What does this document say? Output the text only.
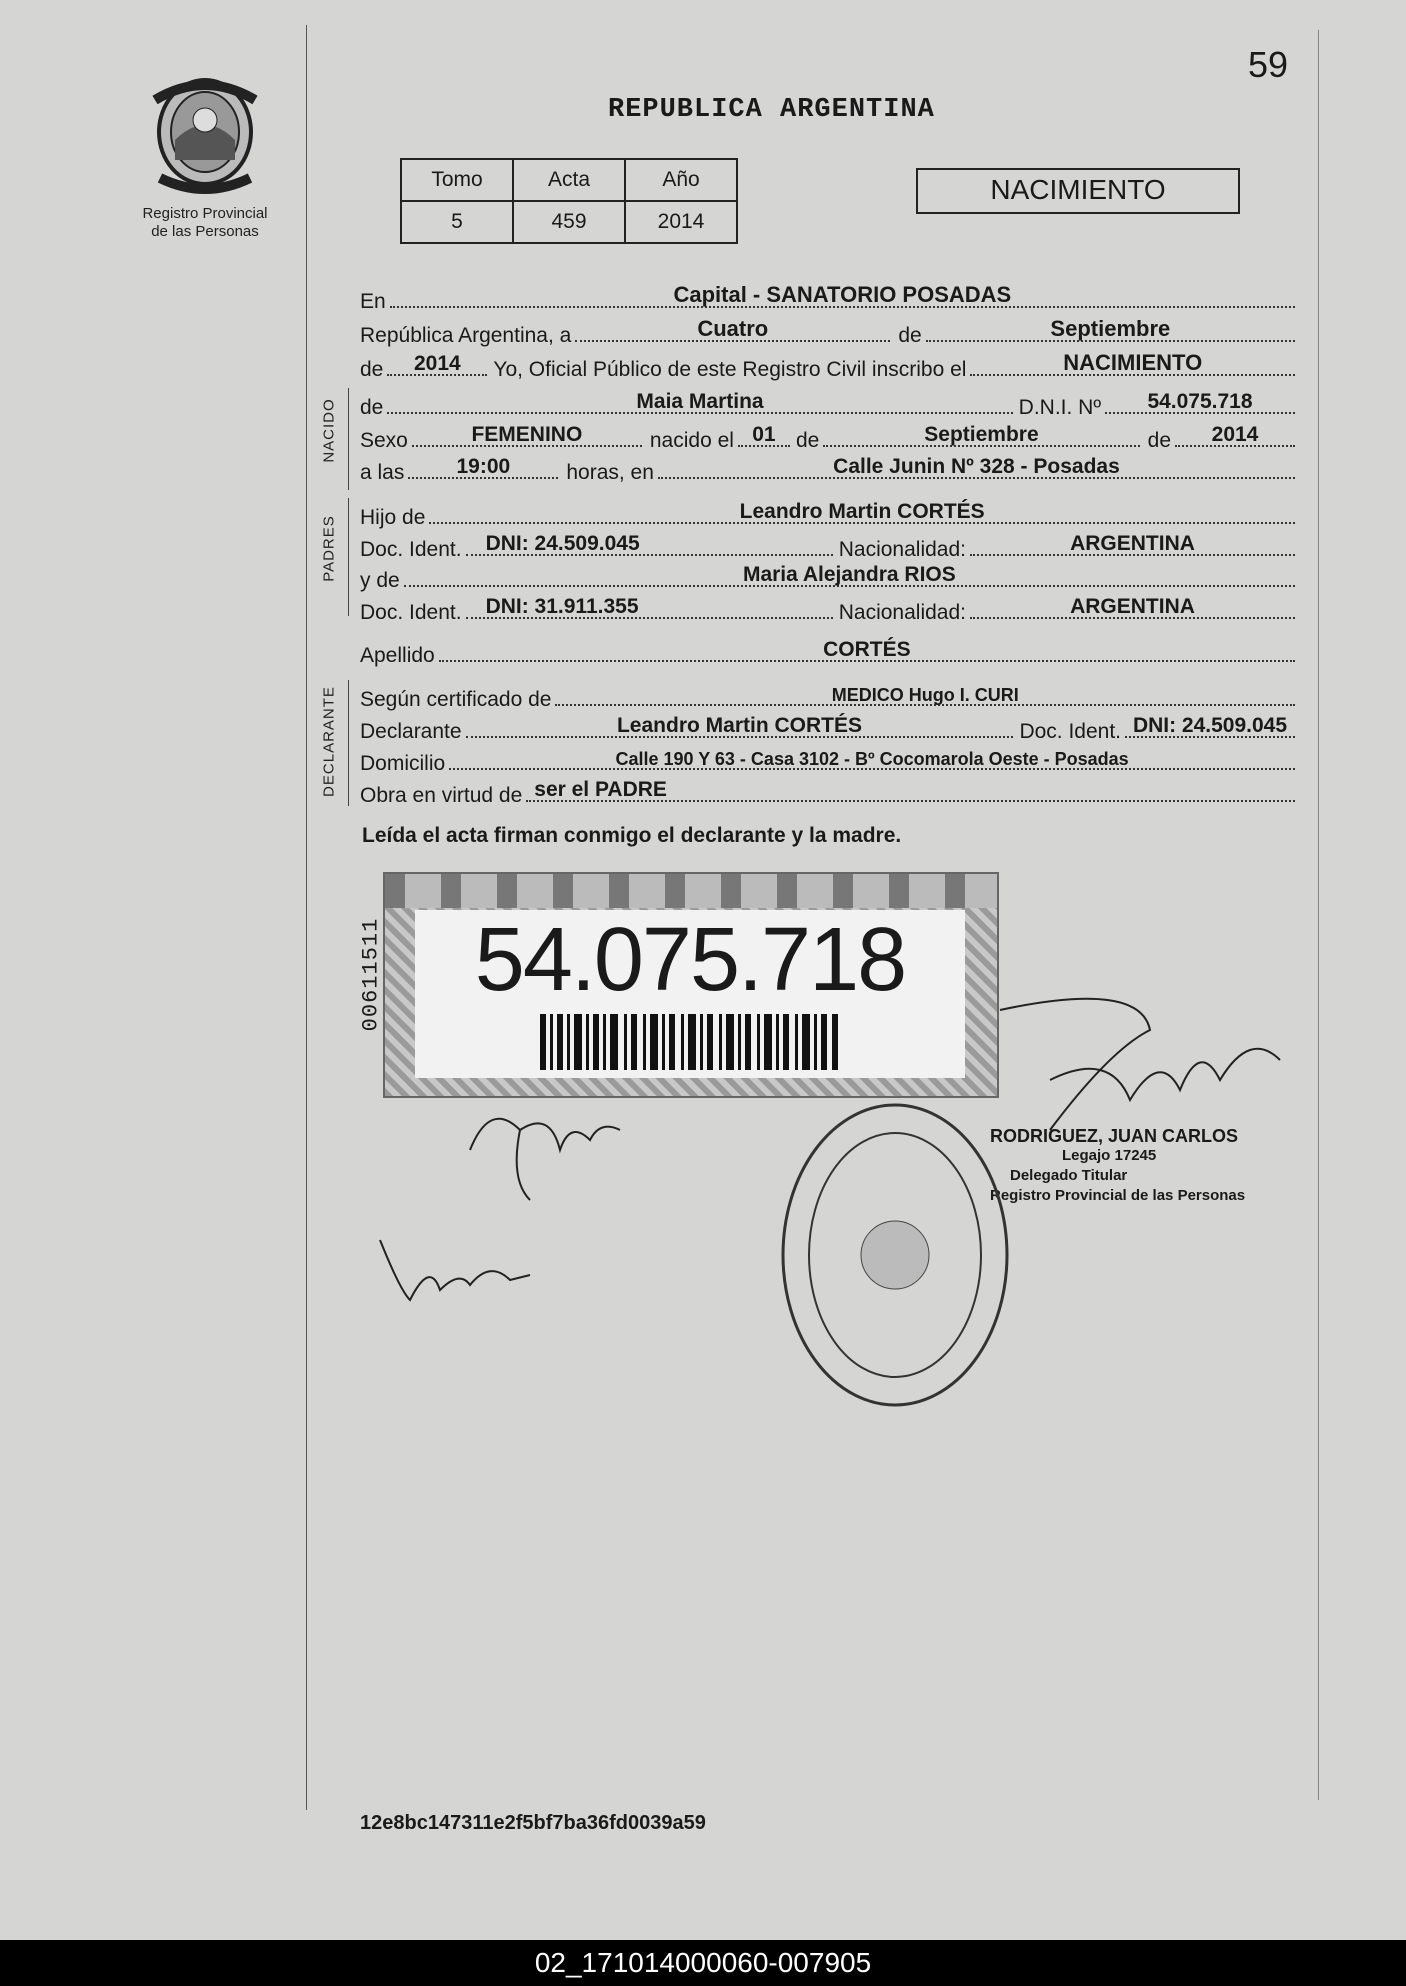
59
Registro Provincial
de las Personas
REPUBLICA ARGENTINA
Tomo	Acta	Año
5	459	2014
NACIMIENTO
En	Capital - SANATORIO POSADAS
República Argentina, a	Cuatro	de	Septiembre
de	2014	Yo, Oficial Público de este Registro Civil inscribo el	NACIMIENTO
NACIDO de	Maia Martina	D.N.I. Nº	54.075.718
Sexo	FEMENINO	nacido el 01 de	Septiembre	de	2014
a las	19:00	horas, en	Calle Junin Nº 328 - Posadas
PADRES Hijo de	Leandro Martin CORTÉS
Doc. Ident.	DNI: 24.509.045	Nacionalidad:	ARGENTINA
y de	Maria Alejandra RIOS
Doc. Ident.	DNI: 31.911.355	Nacionalidad:	ARGENTINA
Apellido	CORTÉS
DECLARANTE Según certificado de	MEDICO Hugo I. CURI
Declarante	Leandro Martin CORTÉS	Doc. Ident. DNI: 24.509.045
Domicilio	Calle 190 Y 63 - Casa 3102 - Bº Cocomarola Oeste - Posadas
Obra en virtud de ser el PADRE
Leída el acta firman conmigo el declarante y la madre.
54.075.718
00611511
RODRIGUEZ, JUAN CARLOS
Legajo 17245
Delegado Titular
Registro Provincial de las Personas
12e8bc147311e2f5bf7ba36fd0039a59
02_171014000060-007905
